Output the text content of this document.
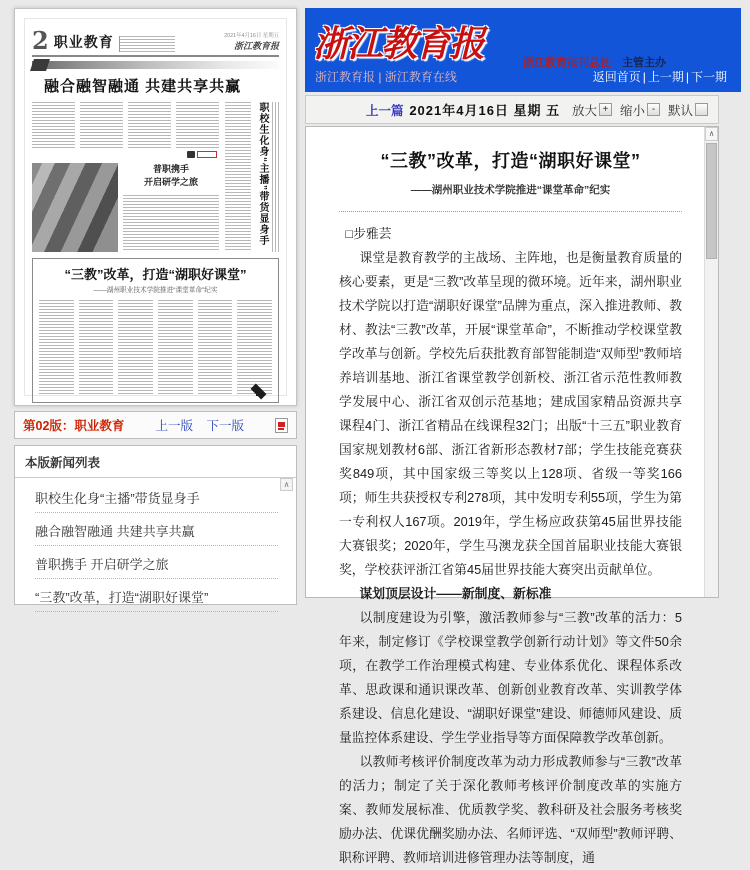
2 职业教育	2021年4月16日 星期五
浙江教育报
融合融智融通 共建共享共赢
普职携手
开启研学之旅	职校生化身“主播”带货显身手
“三教”改革，打造“湖职好课堂”
——湖州职业技术学院推进“课堂革命”纪实
第02版：职业教育	上一版 下一版
本版新闻列表
∧
职校生化身“主播”带货显身手
融合融智融通 共建共享共赢
普职携手 开启研学之旅
“三教”改革，打造“湖职好课堂”
浙江教育报	浙江教育报刊总社 主管主办
浙江教育报 | 浙江教育在线	返回首页 | 上一期 | 下一期
上一篇 2021年4月16日 星期 五 放大 + 缩小 -	默认
“三教”改革，打造“湖职好课堂”
——湖州职业技术学院推进“课堂革命”纪实

□步雅芸

课堂是教育教学的主战场、主阵地，也是衡量教育质量的核心要素，更是“三教”改革呈现的微环境。近年来，湖州职业技术学院以打造“湖职好课堂”品牌为重点，深入推进教师、教材、教法“三教”改革，开展“课堂革命”，不断推动学校课堂教学改革与创新。学校先后获批教育部智能制造“双师型”教师培养培训基地、浙江省课堂教学创新校、浙江省示范性教师教学发展中心、浙江省双创示范基地；建成国家精品资源共享课程4门、浙江省精品在线课程32门；出版“十三五”职业教育国家规划教材6部、浙江省新形态教材7部；学生技能竞赛获奖849项，其中国家级三等奖以上128项、省级一等奖166项；师生共获授权专利278项，其中发明专利55项，学生为第一专利权人167项。2019年，学生杨应政获第45届世界技能大赛银奖；2020年，学生马澳龙获全国首届职业技能大赛银奖，学校获评浙江省第45届世界技能大赛突出贡献单位。

谋划顶层设计——新制度、新标准

以制度建设为引擎，激活教师参与“三教”改革的活力：5年来，制定修订《学校课堂教学创新行动计划》等文件50余项，在教学工作治理模式构建、专业体系优化、课程体系改革、思政课和通识课改革、创新创业教育改革、实训教学体系建设、信息化建设、“湖职好课堂”建设、师德师风建设、质量监控体系建设、学生学业指导等方面保障教学改革创新。

以教师考核评价制度改革为动力形成教师参与“三教”改革的活力；制定了关于深化教师考核评价制度改革的实施方案、教师发展标准、优质教学奖、教科研及社会服务考核奖励办法、优课优酬奖励办法、名师评选、“双师型”教师评聘、职称评聘、教师培训进修管理办法等制度，通

∧
